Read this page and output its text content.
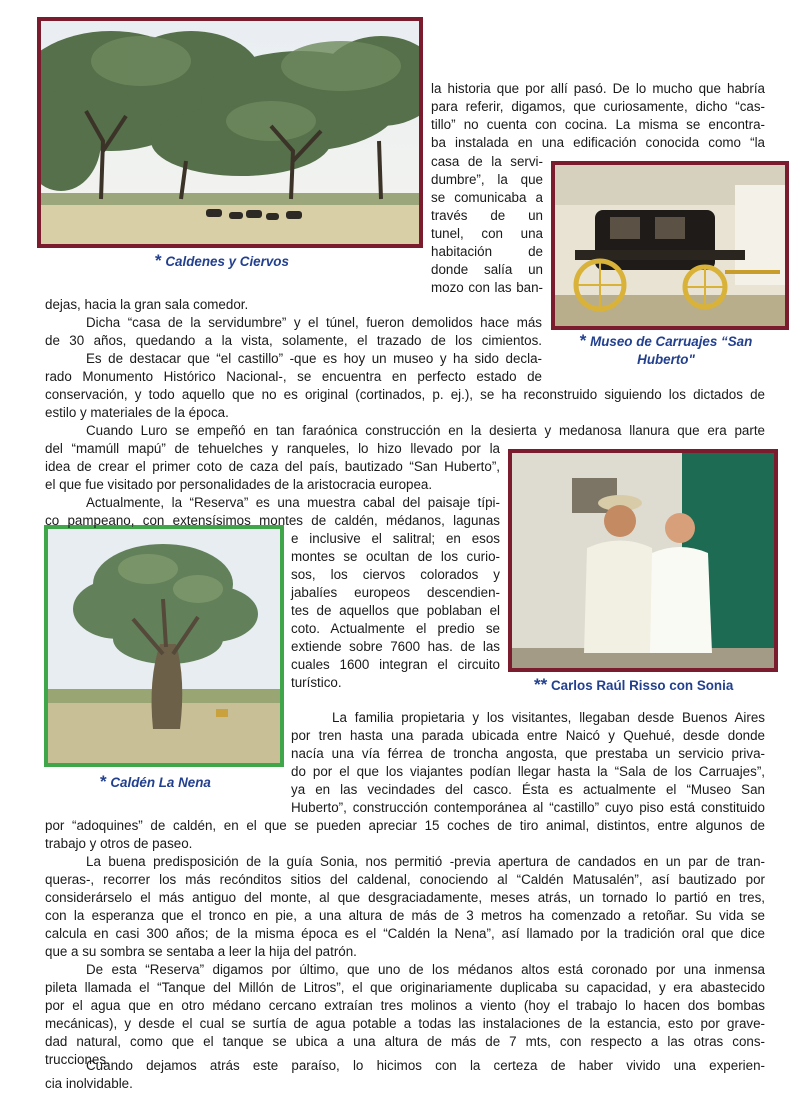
* Caldenes y Ciervos
* Museo de Carruajes “San
Huberto"
** Carlos Raúl Risso con Sonia
* Caldén La Nena
la historia que por allí pasó. De lo mucho que habría
para referir, digamos, que curiosamente, dicho “cas-
tillo” no cuenta con cocina. La misma se encontra-
ba instalada en una edificación conocida como “la
casa de la servi-
dumbre”, la que
se comunicaba a
través de un
tunel, con una
habitación de
donde salía un
mozo con las ban-
dejas, hacia la gran sala comedor.
Dicha “casa de la servidumbre” y el túnel, fueron demolidos hace más
de 30 años, quedando a la vista, solamente, el trazado de los cimientos.
Es de destacar que “el castillo” -que es hoy un museo y ha sido decla-
rado Monumento Histórico Nacional-, se encuentra en perfecto estado de
conservación, y todo aquello que no es original (cortinados, p. ej.), se ha reconstruido siguiendo los dictados de
estilo y materiales de la época.
Cuando Luro se empeñó en tan faraónica construcción en la desierta y medanosa llanura que era parte
del “mamúll mapú” de tehuelches y ranqueles, lo hizo llevado por la
idea de crear el primer coto de caza del país, bautizado “San Huberto”,
el que fue visitado por personalidades de la aristocracia europea.
Actualmente, la “Reserva” es una muestra cabal del paisaje típi-
co pampeano, con extensísimos montes de caldén, médanos, lagunas
e inclusive el salitral; en esos
montes se ocultan de los curio-
sos, los ciervos colorados y
jabalíes europeos descendien-
tes de aquellos que poblaban el
coto. Actualmente el predio se
extiende sobre 7600 has. de las
cuales 1600 integran el circuito
turístico.
La familia propietaria y los visitantes, llegaban desde Buenos Aires
por tren hasta una parada ubicada entre Naicó y Quehué, desde donde
nacía una vía férrea de troncha angosta, que prestaba un servicio priva-
do por el que los viajantes podían llegar hasta la “Sala de los Carruajes”,
ya en las vecindades del casco. Ésta es actualmente el “Museo San
Huberto”, construcción contemporánea al “castillo” cuyo piso está constituido
por “adoquines” de caldén, en el que se pueden apreciar 15 coches de tiro animal, distintos, entre algunos de
trabajo y otros de paseo.
La buena predisposición de la guía Sonia, nos permitió -previa apertura de candados en un par de tran-
queras-, recorrer los más recónditos sitios del caldenal, conociendo al “Caldén Matusalén”, así bautizado por
considerárselo el más antiguo del monte, al que desgraciadamente, meses atrás, un tornado lo partió en tres,
con la esperanza que el tronco en pie, a una altura de más de 3 metros ha comenzado a retoñar. Su vida se
calcula en casi 300 años; de la misma época es el “Caldén la Nena”, así llamado por la tradición oral que dice
que a su sombra se sentaba a leer la hija del patrón.
De esta “Reserva” digamos por último, que uno de los médanos altos está coronado por una inmensa
pileta llamada el “Tanque del Millón de Litros”, el que originariamente duplicaba su capacidad, y era abastecido
por el agua que en otro médano cercano extraían tres molinos a viento (hoy el trabajo lo hacen dos bombas
mecánicas), y desde el cual se surtía de agua potable a todas las instalaciones de la estancia, esto por grave-
dad natural, como que el tanque se ubica a una altura de más de 7 mts, con respecto a las otras cons-
trucciones.
Cuando dejamos atrás este paraíso, lo hicimos con la certeza de haber vivido una experien-
cia inolvidable.
